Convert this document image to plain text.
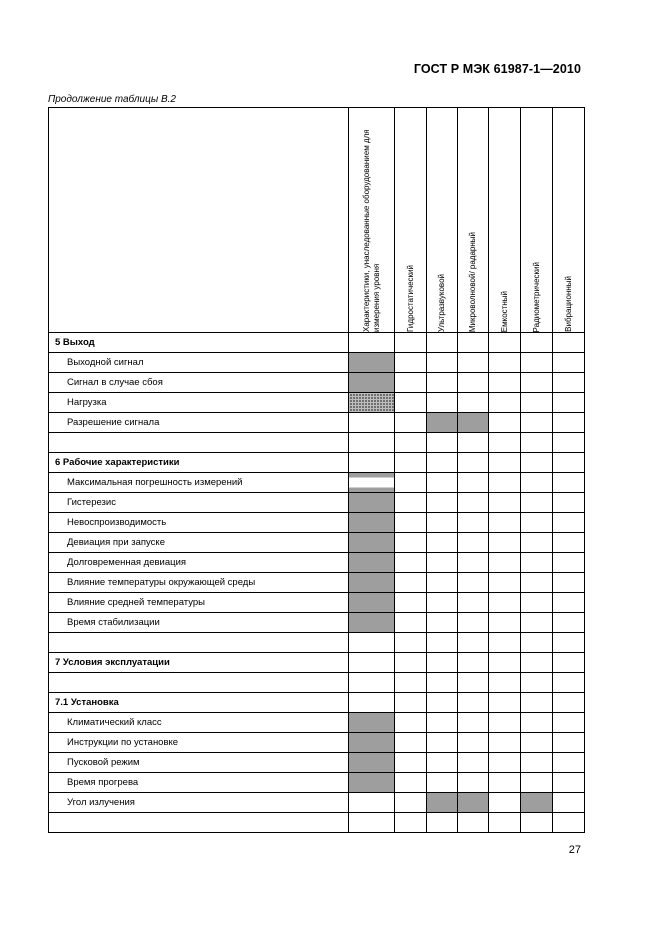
ГОСТ Р МЭК 61987-1—2010
Продолжение таблицы В.2

	Характеристики, унаследованные оборудованием для измерения уровня	Гидростатический	Ультразвуковой	Микроволновой/ радарный	Емкостный	Радиометрический	Вибрационный

5 Выход							
Выходной сигнал							
Сигнал в случае сбоя							
Нагрузка							
Разрешение сигнала							

6 Рабочие характеристики							
Максимальная погрешность измерений							
Гистерезис							
Невоспроизводимость							
Девиация при запуске							
Долговременная девиация							
Влияние температуры окружающей среды							
Влияние средней температуры							
Время стабилизации							

7 Условия эксплуатации							

7.1 Установка							
Климатический класс							
Инструкции по установке							
Пусковой режим							
Время прогрева							
Угол излучения							

27
